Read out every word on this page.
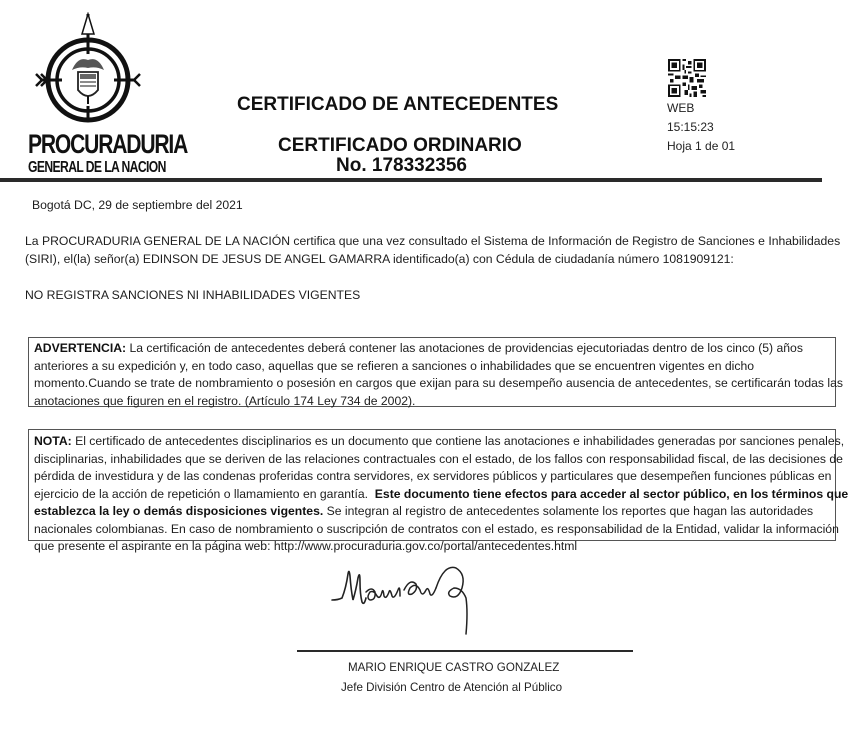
PROCURADURIA
GENERAL DE LA NACION
CERTIFICADO DE ANTECEDENTES
CERTIFICADO ORDINARIO
No. 178332356
WEB
15:15:23
Hoja 1 de 01
Bogotá DC, 29 de septiembre del 2021
La PROCURADURIA GENERAL DE LA NACIÓN certifica que una vez consultado el Sistema de Información de Registro de Sanciones e Inhabilidades
(SIRI), el(la) señor(a) EDINSON DE JESUS DE ANGEL GAMARRA identificado(a) con Cédula de ciudadanía número 1081909121:
NO REGISTRA SANCIONES NI INHABILIDADES VIGENTES
ADVERTENCIA: La certificación de antecedentes deberá contener las anotaciones de providencias ejecutoriadas dentro de los cinco (5) años
anteriores a su expedición y, en todo caso, aquellas que se refieren a sanciones o inhabilidades que se encuentren vigentes en dicho
momento.Cuando se trate de nombramiento o posesión en cargos que exijan para su desempeño ausencia de antecedentes, se certificarán todas las
anotaciones que figuren en el registro. (Artículo 174 Ley 734 de 2002).
NOTA: El certificado de antecedentes disciplinarios es un documento que contiene las anotaciones e inhabilidades generadas por sanciones penales,
disciplinarias, inhabilidades que se deriven de las relaciones contractuales con el estado, de los fallos con responsabilidad fiscal, de las decisiones de
pérdida de investidura y de las condenas proferidas contra servidores, ex servidores públicos y particulares que desempeñen funciones públicas en
ejercicio de la acción de repetición o llamamiento en garantía.  Este documento tiene efectos para acceder al sector público, en los términos que
establezca la ley o demás disposiciones vigentes. Se integran al registro de antecedentes solamente los reportes que hagan las autoridades
nacionales colombianas. En caso de nombramiento o suscripción de contratos con el estado, es responsabilidad de la Entidad, validar la información
que presente el aspirante en la página web: http://www.procuraduria.gov.co/portal/antecedentes.html
MARIO ENRIQUE CASTRO GONZALEZ
Jefe División Centro de Atención al Público
